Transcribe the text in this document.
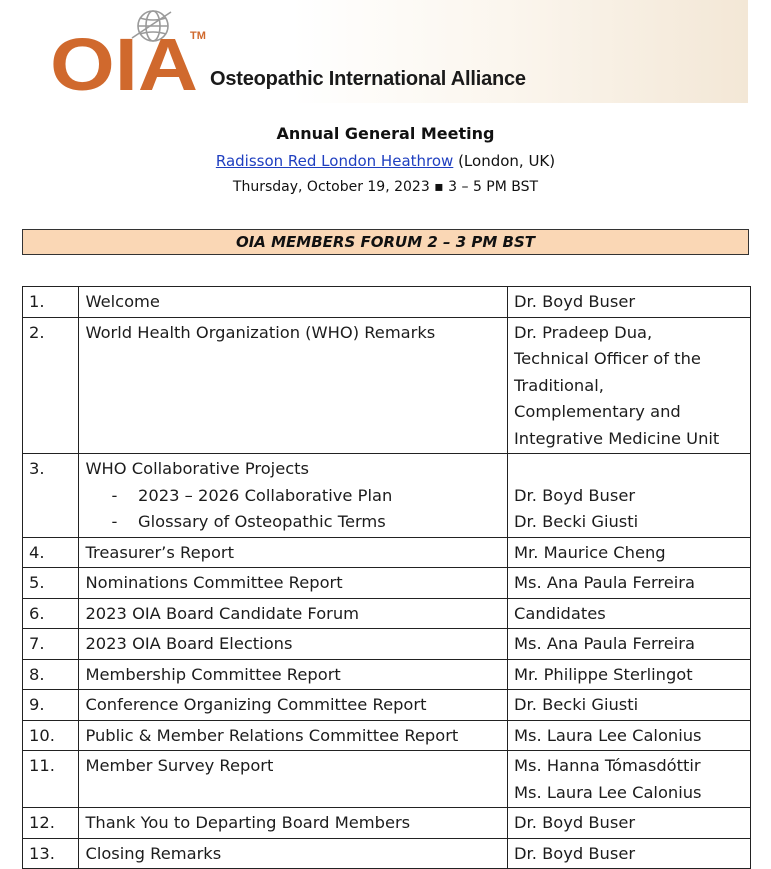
OIA
TM
Osteopathic International Alliance
Annual General Meeting
Radisson Red London Heathrow (London, UK)
Thursday, October 19, 2023 ▪ 3 – 5 PM BST
OIA MEMBERS FORUM 2 – 3 PM BST
1.	Welcome	Dr. Boyd Buser

2.	World Health Organization (WHO) Remarks	Dr. Pradeep Dua,
Technical Officer of the
Traditional,
Complementary and
Integrative Medicine Unit

3.	WHO Collaborative Projects
-    2023 – 2026 Collaborative Plan
-    Glossary of Osteopathic Terms	Dr. Boyd Buser
Dr. Becki Giusti

4.	Treasurer’s Report	Mr. Maurice Cheng

5.	Nominations Committee Report	Ms. Ana Paula Ferreira

6.	2023 OIA Board Candidate Forum	Candidates

7.	2023 OIA Board Elections	Ms. Ana Paula Ferreira

8.	Membership Committee Report	Mr. Philippe Sterlingot

9.	Conference Organizing Committee Report	Dr. Becki Giusti

10.	Public & Member Relations Committee Report	Ms. Laura Lee Calonius

11.	Member Survey Report	Ms. Hanna Tómasdóttir
Ms. Laura Lee Calonius

12.	Thank You to Departing Board Members	Dr. Boyd Buser

13.	Closing Remarks	Dr. Boyd Buser
